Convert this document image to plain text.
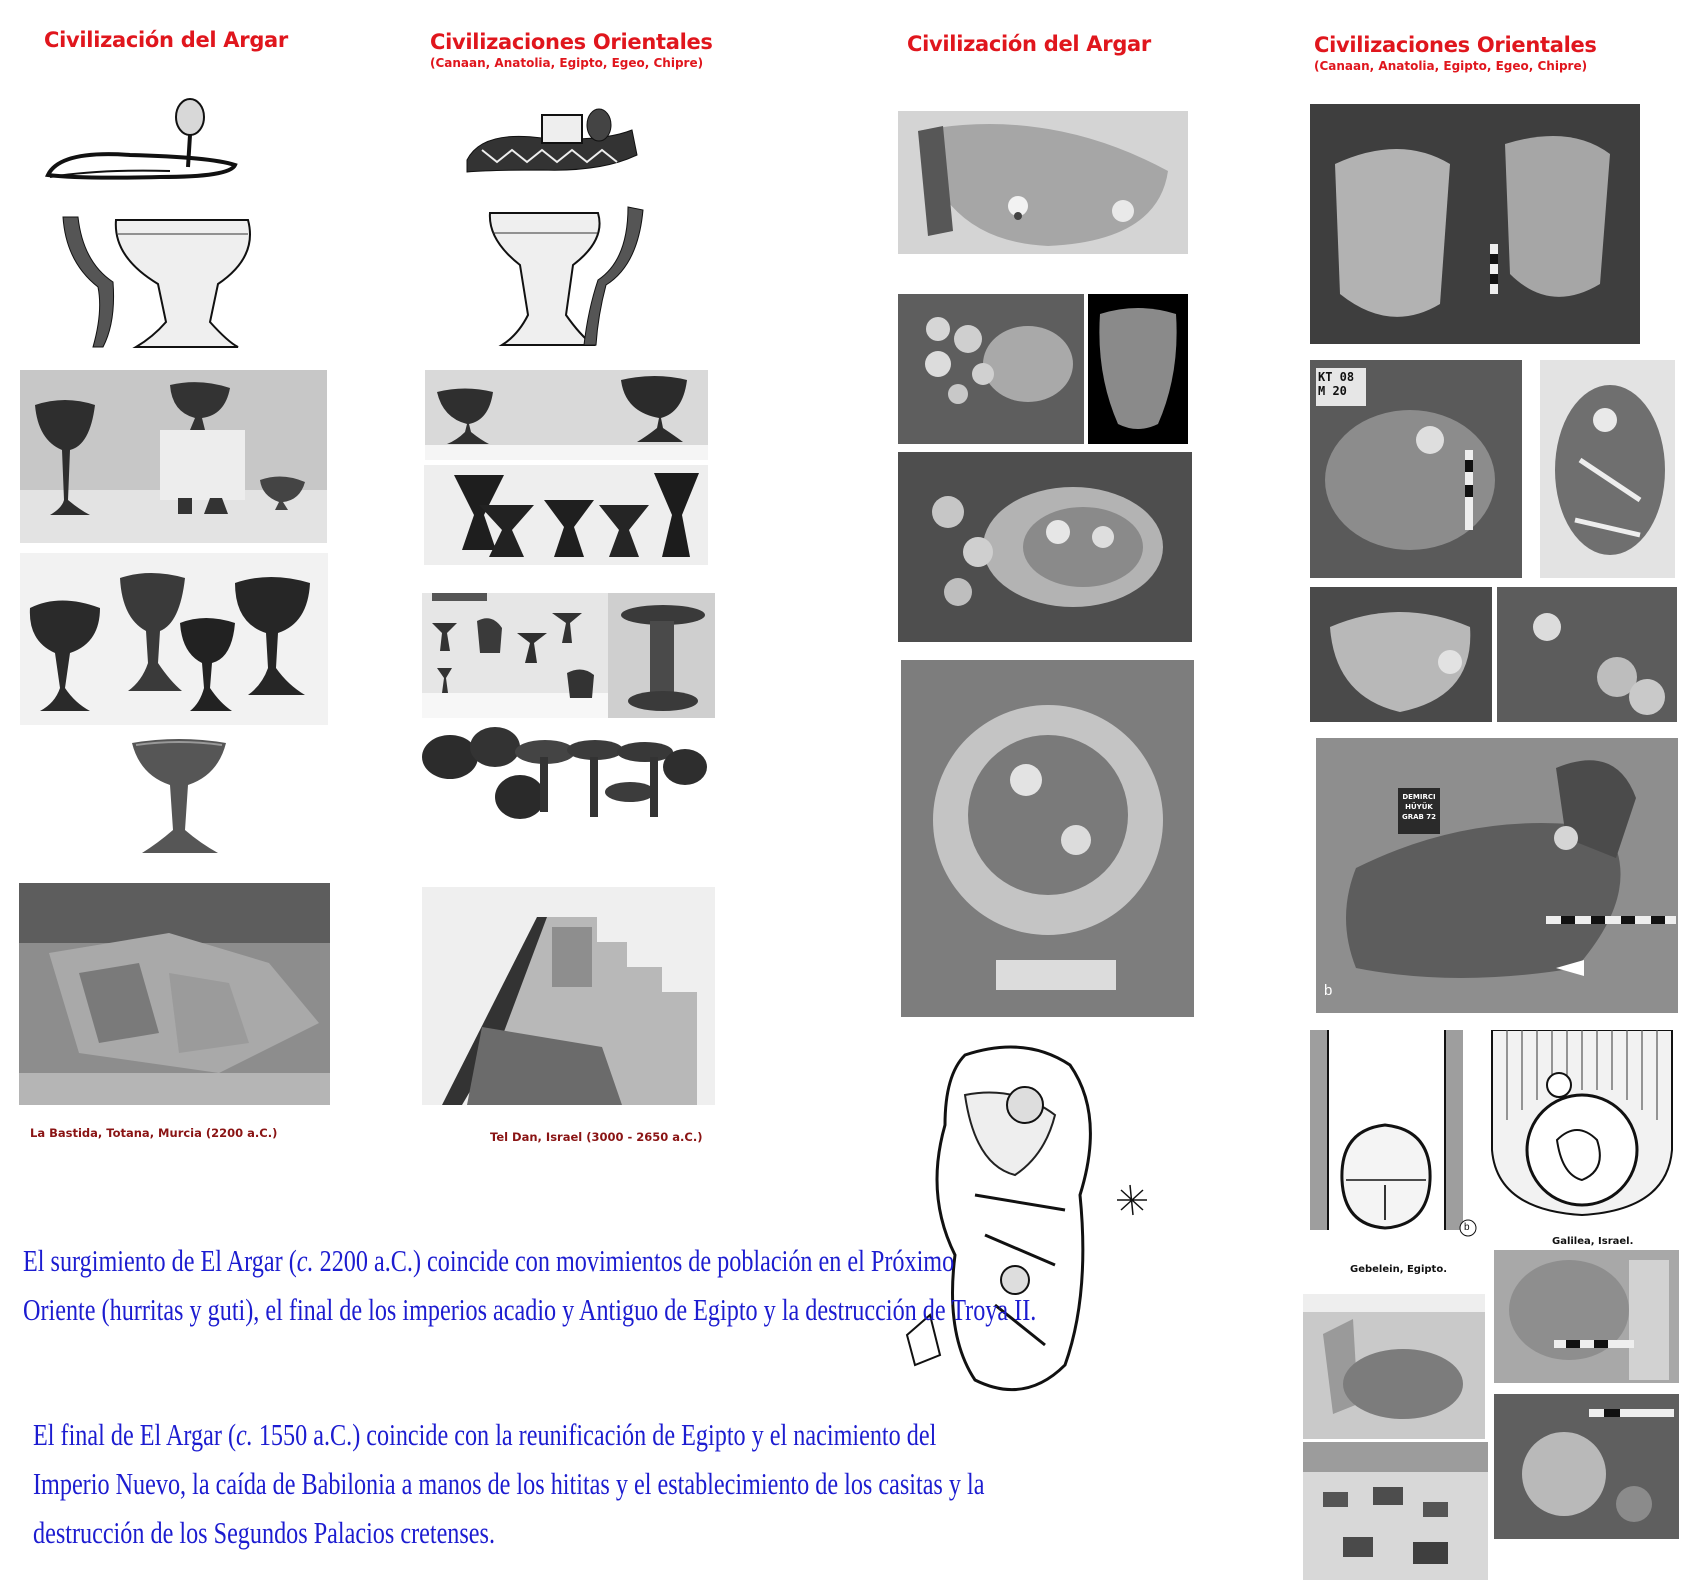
Civilización del Argar	Civilizaciones Orientales
(Canaan, Anatolia, Egipto, Egeo, Chipre)
Civilización del Argar	Civilizaciones Orientales
(Canaan, Anatolia, Egipto, Egeo, Chipre)
La Bastida, Totana, Murcia (2200 a.C.)	Tel Dan, Israel (3000 - 2650 a.C.)
KT 08
M 20
DEMIRCI
HÜYÜK
GRAB 72
b
b
Gebelein, Egipto.
Galilea, Israel.
El surgimiento de El Argar (c. 2200 a.C.) coincide con movimientos de población en el Próximo
Oriente (hurritas y guti), el final de los imperios acadio y Antiguo de Egipto y la destrucción de Troya II.
El final de El Argar (c. 1550 a.C.) coincide con la reunificación de Egipto y el nacimiento del
Imperio Nuevo, la caída de Babilonia a manos de los hititas y el establecimiento de los casitas y la
destrucción de los Segundos Palacios cretenses.
